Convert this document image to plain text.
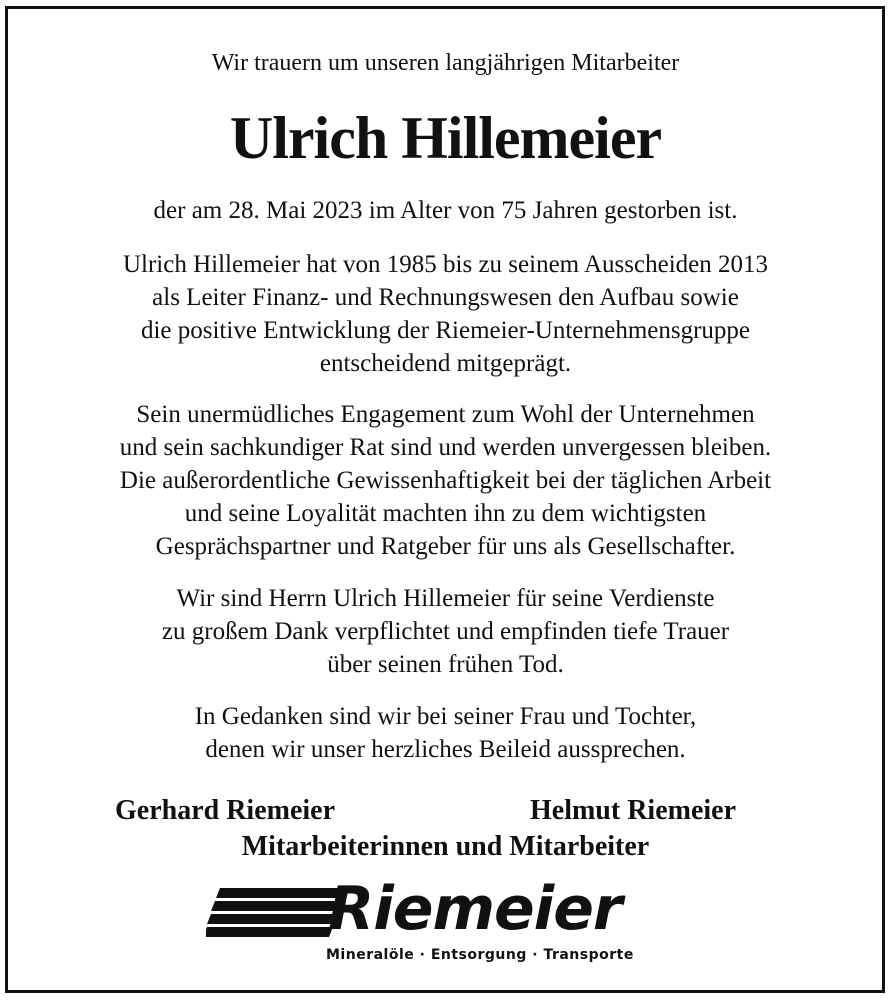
Wir trauern um unseren langjährigen Mitarbeiter
Ulrich Hillemeier
der am 28. Mai 2023 im Alter von 75 Jahren gestorben ist.
Ulrich Hillemeier hat von 1985 bis zu seinem Ausscheiden 2013
als Leiter Finanz- und Rechnungswesen den Aufbau sowie
die positive Entwicklung der Riemeier-Unternehmensgruppe
entscheidend mitgeprägt.
Sein unermüdliches Engagement zum Wohl der Unternehmen
und sein sachkundiger Rat sind und werden unvergessen bleiben.
Die außerordentliche Gewissenhaftigkeit bei der täglichen Arbeit
und seine Loyalität machten ihn zu dem wichtigsten
Gesprächspartner und Ratgeber für uns als Gesellschafter.
Wir sind Herrn Ulrich Hillemeier für seine Verdienste
zu großem Dank verpflichtet und empfinden tiefe Trauer
über seinen frühen Tod.
In Gedanken sind wir bei seiner Frau und Tochter,
denen wir unser herzliches Beileid aussprechen.
Gerhard Riemeier	Helmut Riemeier
Mitarbeiterinnen und Mitarbeiter
Riemeier
Mineralöle · Entsorgung · Transporte
